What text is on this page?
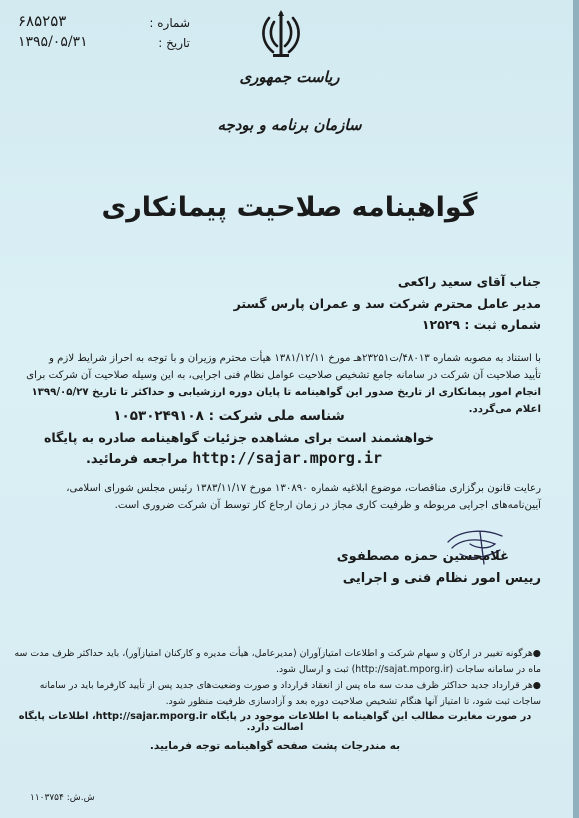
شماره :
۶۸۵۲۵۳
تاریخ :
۱۳۹۵/۰۵/۳۱
ریاست جمهوری
سازمان برنامه و بودجه
گواهینامه صلاحیت پیمانکاری
جناب آقای سعید راکعی
مدیر عامل محترم شرکت سد و عمران پارس گستر
شماره ثبت : ۱۲۵۲۹
با استناد به مصوبه شماره ۴۸۰۱۳/ت۲۳۲۵۱هـ مورخ ۱۳۸۱/۱۲/۱۱ هیأت محترم وزیران و با توجه به احراز شرایط لازم و
تأیید صلاحیت آن شرکت در سامانه جامع تشخیص صلاحیت عوامل نظام فنی اجرایی، به این وسیله صلاحیت آن شرکت برای
انجام امور پیمانکاری از تاریخ صدور این گواهینامه تا پایان دوره ارزشیابی و حداکثر تا تاریخ ۱۳۹۹/۰۵/۲۷ اعلام می‌گردد.
شناسه ملی شرکت : ۱۰۵۳۰۲۴۹۱۰۸
خواهشمند است برای مشاهده جزئیات گواهینامه صادره به پایگاه
http://sajar.mporg.ir مراجعه فرمائید.
رعایت قانون برگزاری مناقصات، موضوع ابلاغیه شماره ۱۳۰۸۹۰ مورخ ۱۳۸۳/۱۱/۱۷ رئیس مجلس شورای اسلامی،
آیین‌نامه‌های اجرایی مربوطه و ظرفیت کاری مجاز در زمان ارجاع کار توسط آن شرکت ضروری است.
غلامحسین حمزه مصطفوی
رییس امور نظام فنی و اجرایی
●هرگونه تغییر در ارکان و سهام شرکت و اطلاعات امتیازآوران (مدیرعامل، هیأت مدیره و کارکنان امتیازآور)، باید حداکثر ظرف مدت سه
ماه در سامانه ساجات (http://sajat.mporg.ir) ثبت و ارسال شود.
●هر قرارداد جدید حداکثر ظرف مدت سه ماه پس از انعقاد قرارداد و صورت وضعیت‌های جدید پس از تأیید کارفرما باید در سامانه
ساجات ثبت شود، تا امتیاز آنها هنگام تشخیص صلاحیت دوره بعد و آزادسازی ظرفیت منظور شود.
در صورت مغایرت مطالب این گواهینامه با اطلاعات موجود در پایگاه http://sajar.mporg.ir، اطلاعات پایگاه اصالت دارد.
به مندرجات پشت صفحه گواهینامه توجه فرمایید.
ش.ش: ۱۱۰۳۷۵۴
